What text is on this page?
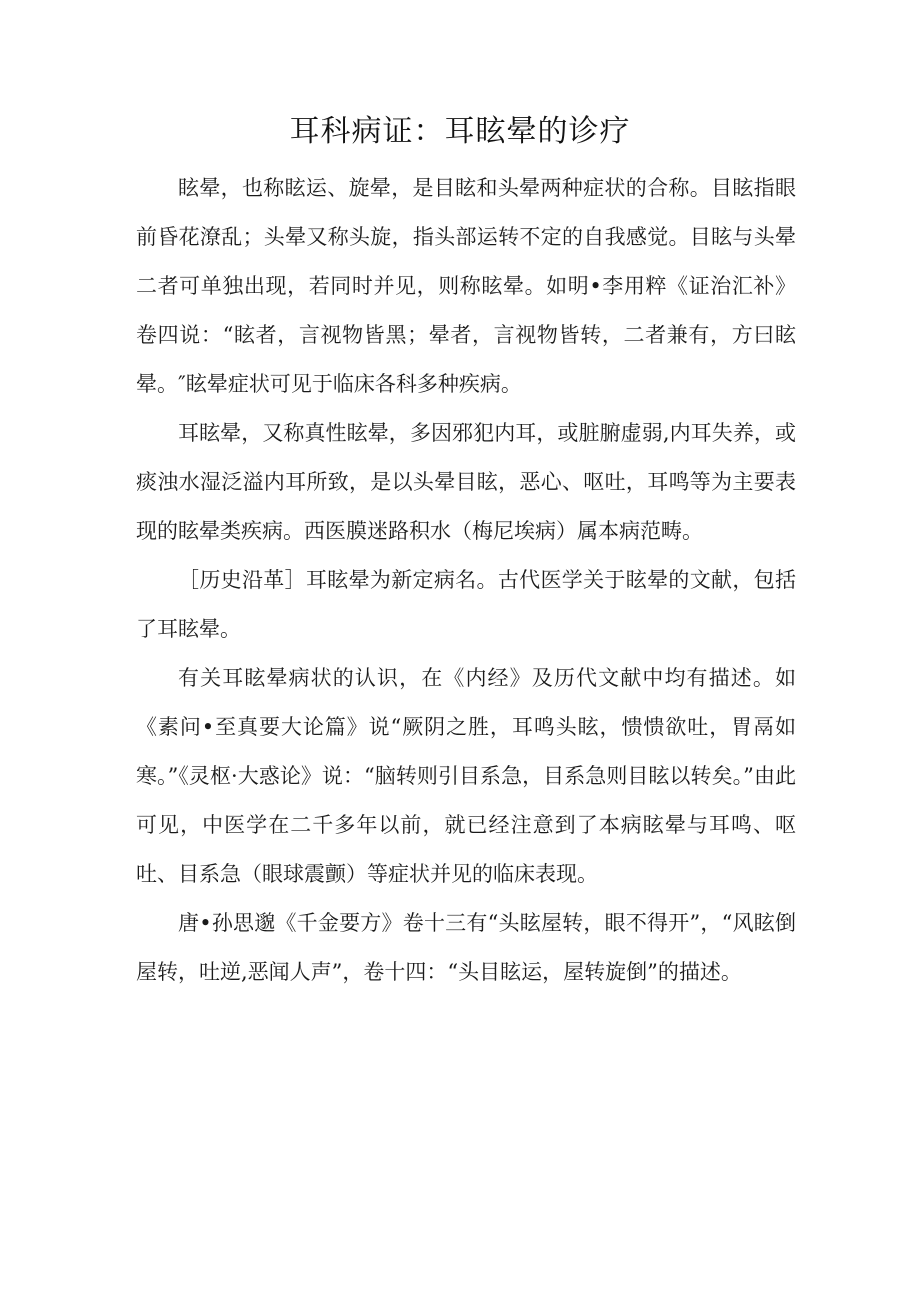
耳科病证：耳眩晕的诊疗

眩晕，也称眩运、旋晕，是目眩和头晕两种症状的合称。目眩指眼前昏花潦乱；头晕又称头旋，指头部运转不定的自我感觉。目眩与头晕二者可单独出现，若同时并见，则称眩晕。如明•李用粹《证治汇补》卷四说：“眩者，言视物皆黑；晕者，言视物皆转，二者兼有，方曰眩晕。″眩晕症状可见于临床各科多种疾病。

耳眩晕，又称真性眩晕，多因邪犯内耳，或脏腑虚弱,内耳失养，或痰浊水湿泛溢内耳所致，是以头晕目眩，恶心、呕吐，耳鸣等为主要表现的眩晕类疾病。西医膜迷路积水（梅尼埃病）属本病范畴。

［历史沿革］耳眩晕为新定病名。古代医学关于眩晕的文献，包括了耳眩晕。

有关耳眩晕病状的认识，在《内经》及历代文献中均有描述。如《素问•至真要大论篇》说“厥阴之胜，耳鸣头眩，愦愦欲吐，胃鬲如寒。”《灵枢·大惑论》说：“脑转则引目系急，目系急则目眩以转矣。”由此可见，中医学在二千多年以前，就已经注意到了本病眩晕与耳鸣、呕吐、目系急（眼球震颤）等症状并见的临床表现。

唐•孙思邈《千金要方》卷十三有“头眩屋转，眼不得开”，“风眩倒屋转，吐逆,恶闻人声”，卷十四：“头目眩运，屋转旋倒”的描述。
